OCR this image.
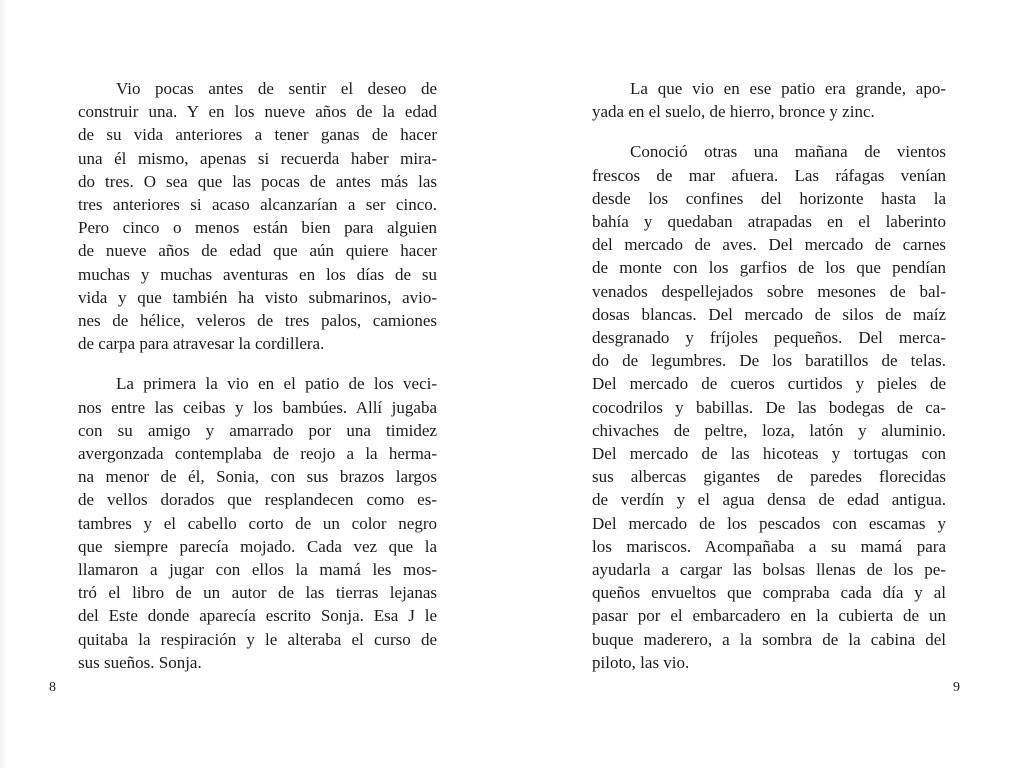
Vio pocas antes de sentir el deseo de
construir una. Y en los nueve años de la edad
de su vida anteriores a tener ganas de hacer
una él mismo, apenas si recuerda haber mira-
do tres. O sea que las pocas de antes más las
tres anteriores si acaso alcanzarían a ser cinco.
Pero cinco o menos están bien para alguien
de nueve años de edad que aún quiere hacer
muchas y muchas aventuras en los días de su
vida y que también ha visto submarinos, avio-
nes de hélice, veleros de tres palos, camiones
de carpa para atravesar la cordillera.
La primera la vio en el patio de los veci-
nos entre las ceibas y los bambúes. Allí jugaba
con su amigo y amarrado por una timidez
avergonzada contemplaba de reojo a la herma-
na menor de él, Sonia, con sus brazos largos
de vellos dorados que resplandecen como es-
tambres y el cabello corto de un color negro
que siempre parecía mojado. Cada vez que la
llamaron a jugar con ellos la mamá les mos-
tró el libro de un autor de las tierras lejanas
del Este donde aparecía escrito Sonja. Esa J le
quitaba la respiración y le alteraba el curso de
sus sueños. Sonja.
La que vio en ese patio era grande, apo-
yada en el suelo, de hierro, bronce y zinc.
Conoció otras una mañana de vientos
frescos de mar afuera. Las ráfagas venían
desde los confines del horizonte hasta la
bahía y quedaban atrapadas en el laberinto
del mercado de aves. Del mercado de carnes
de monte con los garfios de los que pendían
venados despellejados sobre mesones de bal-
dosas blancas. Del mercado de silos de maíz
desgranado y fríjoles pequeños. Del merca-
do de legumbres. De los baratillos de telas.
Del mercado de cueros curtidos y pieles de
cocodrilos y babillas. De las bodegas de ca-
chivaches de peltre, loza, latón y aluminio.
Del mercado de las hicoteas y tortugas con
sus albercas gigantes de paredes florecidas
de verdín y el agua densa de edad antigua.
Del mercado de los pescados con escamas y
los mariscos. Acompañaba a su mamá para
ayudarla a cargar las bolsas llenas de los pe-
queños envueltos que compraba cada día y al
pasar por el embarcadero en la cubierta de un
buque maderero, a la sombra de la cabina del
piloto, las vio.
8	9
